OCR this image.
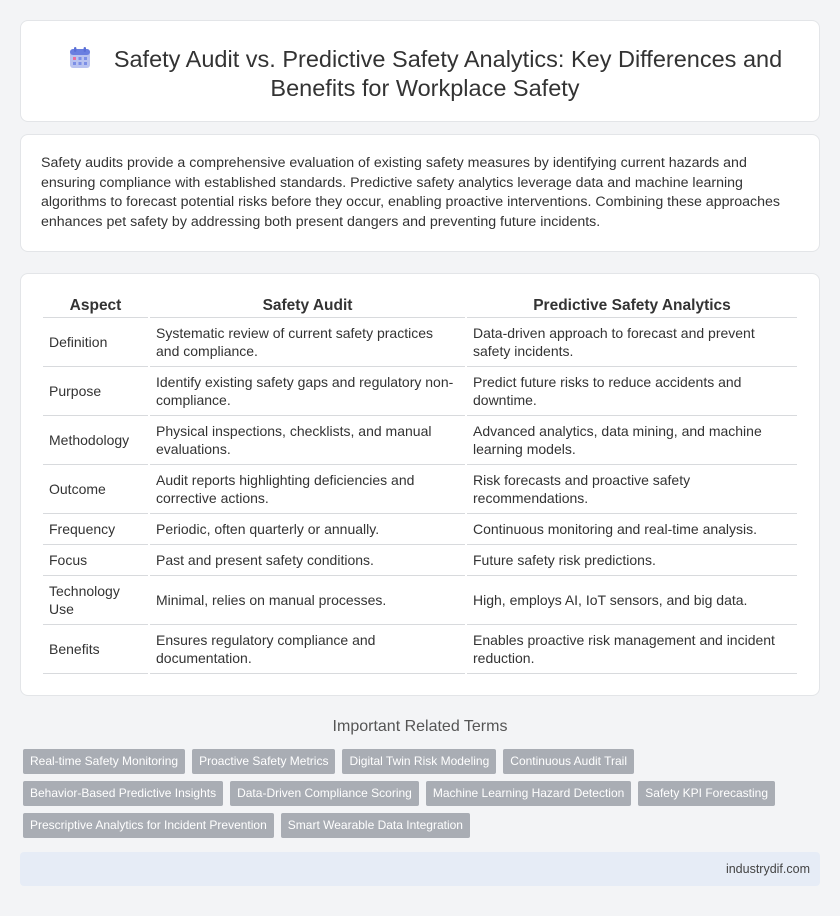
Safety Audit vs. Predictive Safety Analytics: Key Differences and Benefits for Workplace Safety

Safety audits provide a comprehensive evaluation of existing safety measures by identifying current hazards and ensuring compliance with established standards. Predictive safety analytics leverage data and machine learning algorithms to forecast potential risks before they occur, enabling proactive interventions. Combining these approaches enhances pet safety by addressing both present dangers and preventing future incidents.

Aspect	Safety Audit	Predictive Safety Analytics
Definition	Systematic review of current safety practices and compliance.	Data-driven approach to forecast and prevent safety incidents.
Purpose	Identify existing safety gaps and regulatory non-compliance.	Predict future risks to reduce accidents and downtime.
Methodology	Physical inspections, checklists, and manual evaluations.	Advanced analytics, data mining, and machine learning models.
Outcome	Audit reports highlighting deficiencies and corrective actions.	Risk forecasts and proactive safety recommendations.
Frequency	Periodic, often quarterly or annually.	Continuous monitoring and real-time analysis.
Focus	Past and present safety conditions.	Future safety risk predictions.
Technology Use	Minimal, relies on manual processes.	High, employs AI, IoT sensors, and big data.
Benefits	Ensures regulatory compliance and documentation.	Enables proactive risk management and incident reduction.
Important Related Terms
Real-time Safety Monitoring	Proactive Safety Metrics	Digital Twin Risk Modeling	Continuous Audit Trail
Behavior-Based Predictive Insights	Data-Driven Compliance Scoring	Machine Learning Hazard Detection	Safety KPI Forecasting
Prescriptive Analytics for Incident Prevention	Smart Wearable Data Integration
industrydif.com
